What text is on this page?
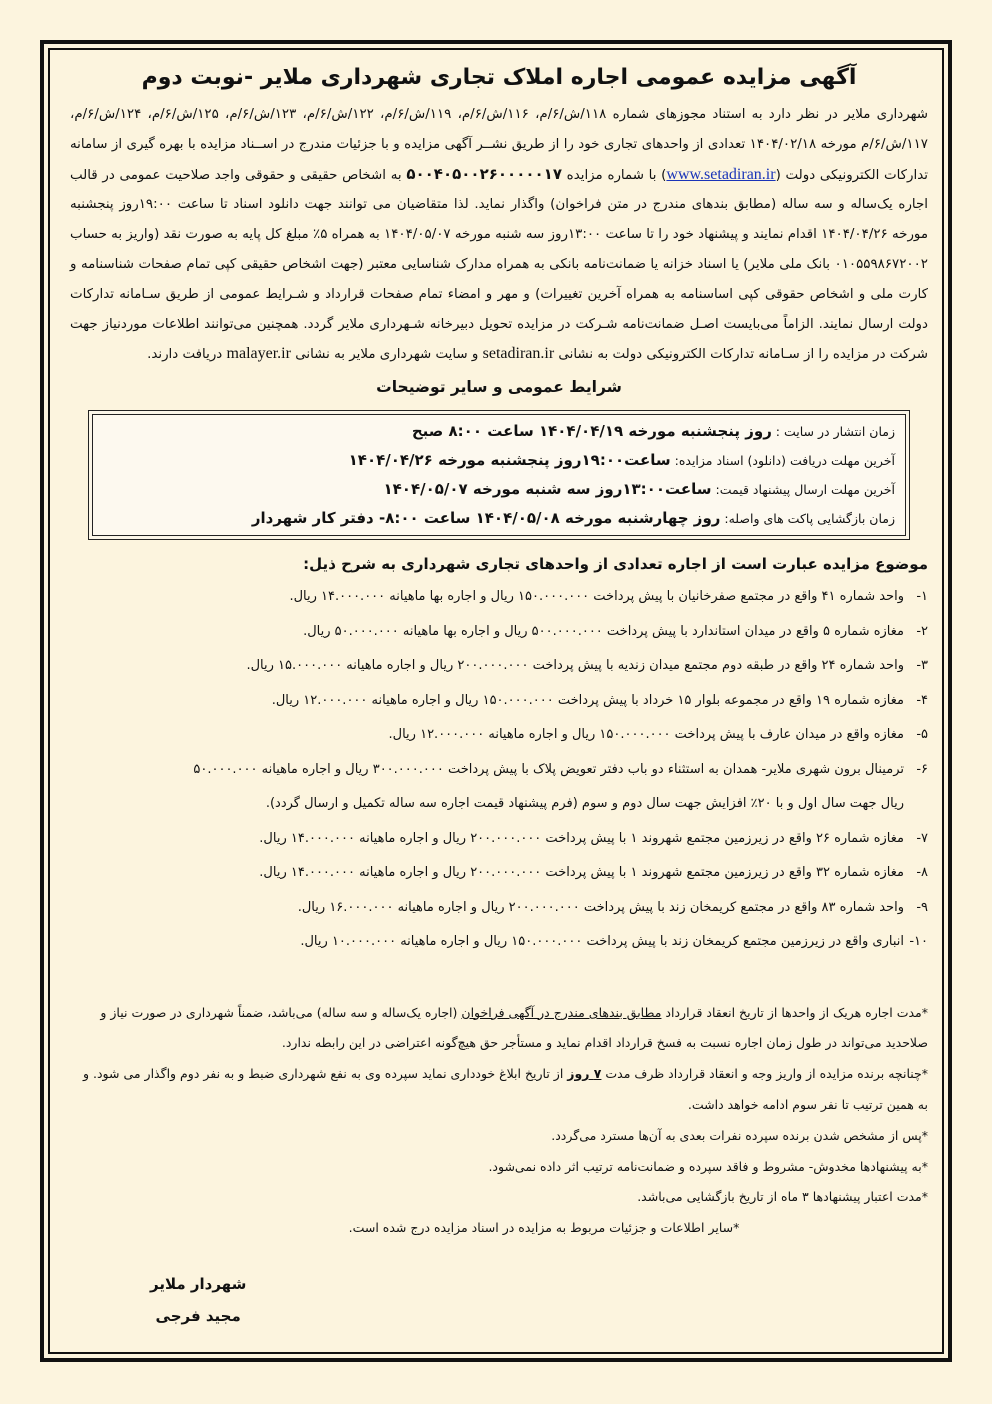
آگهی مزایده عمومی اجاره املاک تجاری شهرداری ملایر -نوبت دوم
شهرداری ملایر در نظر دارد به استناد مجوزهای شماره ۱۱۸/ش/۶/م، ۱۱۶/ش/۶/م، ۱۱۹/ش/۶/م، ۱۲۲/ش/۶/م، ۱۲۳/ش/۶/م، ۱۲۵/ش/۶/م، ۱۲۴/ش/۶/م، ۱۱۷/ش/۶/م مورخه ۱۴۰۴/۰۲/۱۸ تعدادی از واحدهای تجاری خود را از طریق نشــر آگهی مزایده و با جزئیات مندرج در اســناد مزایده با بهره گیری از سامانه تدارکات الکترونیکی دولت (www.setadiran.ir) با شماره مزایده ۵۰۰۴۰۵۰۰۲۶۰۰۰۰۰۱۷ به اشخاص حقیقی و حقوقی واجد صلاحیت عمومی در قالب اجاره یک‌ساله و سه ساله (مطابق بندهای مندرج در متن فراخوان) واگذار نماید. لذا متقاضیان می توانند جهت دانلود اسناد تا ساعت ۱۹:۰۰روز پنجشنبه مورخه ۱۴۰۴/۰۴/۲۶ اقدام نمایند و پیشنهاد خود را تا ساعت ۱۳:۰۰روز سه شنبه مورخه ۱۴۰۴/۰۵/۰۷ به همراه ۵٪ مبلغ کل پایه به صورت نقد (واریز به حساب ۰۱۰۵۵۹۸۶۷۲۰۰۲ بانک ملی ملایر) یا اسناد خزانه یا ضمانت‌نامه بانکی به همراه مدارک شناسایی معتبر (جهت اشخاص حقیقی کپی تمام صفحات شناسنامه و کارت ملی و اشخاص حقوقی کپی اساسنامه به همراه آخرین تغییرات) و مهر و امضاء تمام صفحات قرارداد و شـرایط عمومی از طریق سـامانه تدارکات دولت ارسال نمایند. الزاماً می‌بایست اصـل ضمانت‌نامه شـرکت در مزایده تحویل دبیرخانه شـهرداری ملایر گردد. همچنین می‌توانند اطلاعات موردنیاز جهت شرکت در مزایده را از سـامانه تدارکات الکترونیکی دولت به نشانی setadiran.ir و سایت شهرداری ملایر به نشانی malayer.ir دریافت دارند.
شرایط عمومی و سایر توضیحات
زمان انتشار در سایت : روز پنجشنبه مورخه ۱۴۰۴/۰۴/۱۹ ساعت ۸:۰۰ صبح
آخرین مهلت دریافت (دانلود) اسناد مزایده: ساعت۱۹:۰۰روز پنجشنبه مورخه ۱۴۰۴/۰۴/۲۶
آخرین مهلت ارسال پیشنهاد قیمت: ساعت۱۳:۰۰روز سه شنبه مورخه ۱۴۰۴/۰۵/۰۷
زمان بازگشایی پاکت های واصله: روز چهارشنبه مورخه ۱۴۰۴/۰۵/۰۸ ساعت ۸:۰۰- دفتر کار شهردار
موضوع مزایده عبارت است از اجاره تعدادی از واحدهای تجاری شهرداری به شرح ذیل:
۱-
واحد شماره ۴۱ واقع در مجتمع صفرخانیان با پیش پرداخت ۱۵۰.۰۰۰.۰۰۰ ریال و اجاره بها ماهیانه ۱۴.۰۰۰.۰۰۰ ریال.
۲-
مغازه شماره ۵ واقع در میدان استاندارد با پیش پرداخت ۵۰۰.۰۰۰.۰۰۰ ریال و اجاره بها ماهیانه ۵۰.۰۰۰.۰۰۰ ریال.
۳-
واحد شماره ۲۴ واقع در طبقه دوم مجتمع میدان زندیه با پیش پرداخت ۲۰۰.۰۰۰.۰۰۰ ریال و اجاره ماهیانه ۱۵.۰۰۰.۰۰۰ ریال.
۴-
مغازه شماره ۱۹ واقع در مجموعه بلوار ۱۵ خرداد با پیش پرداخت ۱۵۰.۰۰۰.۰۰۰ ریال و اجاره ماهیانه ۱۲.۰۰۰.۰۰۰ ریال.
۵-
مغازه واقع در میدان عارف با پیش پرداخت ۱۵۰.۰۰۰.۰۰۰ ریال و اجاره ماهیانه ۱۲.۰۰۰.۰۰۰ ریال.
۶-
ترمینال برون شهری ملایر- همدان به استثناء دو باب دفتر تعویض پلاک با پیش پرداخت ۳۰۰.۰۰۰.۰۰۰ ریال و اجاره ماهیانه ۵۰.۰۰۰.۰۰۰
ریال جهت سال اول و با ۲۰٪ افزایش جهت سال دوم و سوم (فرم پیشنهاد قیمت اجاره سه ساله تکمیل و ارسال گردد).
۷-
مغازه شماره ۲۶ واقع در زیرزمین مجتمع شهروند ۱ با پیش پرداخت ۲۰۰.۰۰۰.۰۰۰ ریال و اجاره ماهیانه ۱۴.۰۰۰.۰۰۰ ریال.
۸-
مغازه شماره ۳۲ واقع در زیرزمین مجتمع شهروند ۱ با پیش پرداخت ۲۰۰.۰۰۰.۰۰۰ ریال و اجاره ماهیانه ۱۴.۰۰۰.۰۰۰ ریال.
۹-
واحد شماره ۸۳ واقع در مجتمع کریمخان زند با پیش پرداخت ۲۰۰.۰۰۰.۰۰۰ ریال و اجاره ماهیانه ۱۶.۰۰۰.۰۰۰ ریال.
۱۰-
انباری واقع در زیرزمین مجتمع کریمخان زند با پیش پرداخت ۱۵۰.۰۰۰.۰۰۰ ریال و اجاره ماهیانه ۱۰.۰۰۰.۰۰۰ ریال.
*مدت اجاره هریک از واحدها از تاریخ انعقاد قرارداد مطابق بندهای مندرج در آگهی فراخوان (اجاره یک‌ساله و سه ساله) می‌باشد، ضمناً شهرداری در صورت نیاز و صلاحدید می‌تواند در طول زمان اجاره نسبت به فسخ قرارداد اقدام نماید و مستأجر حق هیچ‌گونه اعتراضی در این رابطه ندارد.
*چنانچه برنده مزایده از واریز وجه و انعقاد قرارداد ظرف مدت ۷ روز از تاریخ ابلاغ خودداری نماید سپرده وی به نفع شهرداری ضبط و به نفر دوم واگذار می شود. و به همین ترتیب تا نفر سوم ادامه خواهد داشت.
*پس از مشخص شدن برنده سپرده نفرات بعدی به آن‌ها مسترد می‌گردد.
*به پیشنهادها مخدوش- مشروط و فاقد سپرده و ضمانت‌نامه ترتیب اثر داده نمی‌شود.
*مدت اعتبار پیشنهادها ۳ ماه از تاریخ بازگشایی می‌باشد.
*سایر اطلاعات و جزئیات مربوط به مزایده در اسناد مزایده درج شده است.
شهردار ملایر
مجید فرجی
